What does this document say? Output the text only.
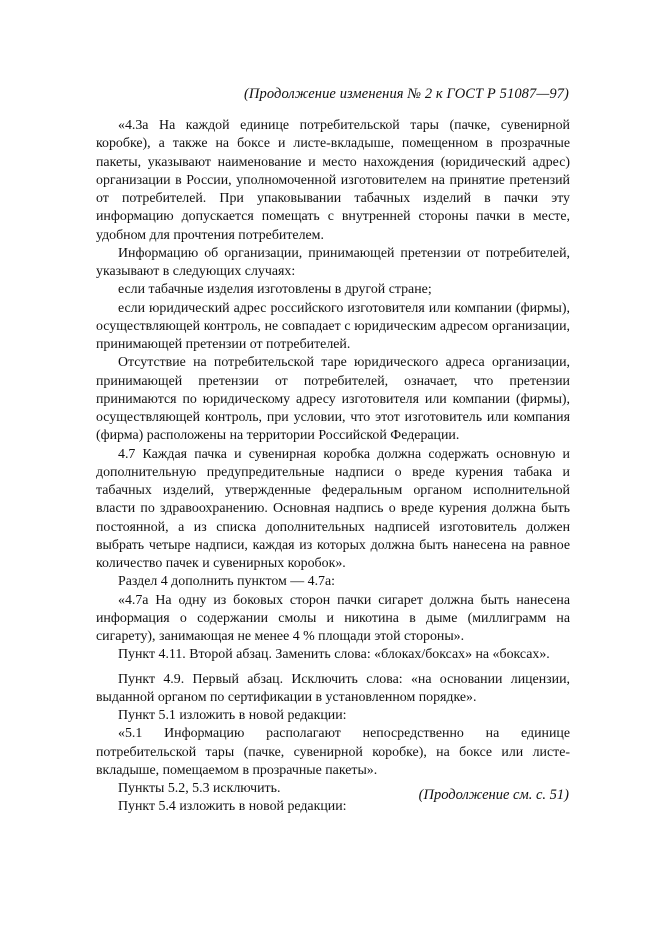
(Продолжение изменения № 2 к ГОСТ Р 51087—97)

«4.3а На каждой единице потребительской тары (пачке, сувенирной коробке), а также на боксе и листе-вкладыше, помещенном в прозрачные пакеты, указывают наименование и место нахождения (юридический адрес) организации в России, уполномоченной изготовителем на принятие претензий от потребителей. При упаковывании табачных изделий в пачки эту информацию допускается помещать с внутренней стороны пачки в месте, удобном для прочтения потребителем.

Информацию об организации, принимающей претензии от потребителей, указывают в следующих случаях:

если табачные изделия изготовлены в другой стране;

если юридический адрес российского изготовителя или компании (фирмы), осуществляющей контроль, не совпадает с юридическим адресом организации, принимающей претензии от потребителей.

Отсутствие на потребительской таре юридического адреса организации, принимающей претензии от потребителей, означает, что претензии принимаются по юридическому адресу изготовителя или компании (фирмы), осуществляющей контроль, при условии, что этот изготовитель или компания (фирма) расположены на территории Российской Федерации.

4.7 Каждая пачка и сувенирная коробка должна содержать основную и дополнительную предупредительные надписи о вреде курения табака и табачных изделий, утвержденные федеральным органом исполнительной власти по здравоохранению. Основная надпись о вреде курения должна быть постоянной, а из списка дополнительных надписей изготовитель должен выбрать четыре надписи, каждая из которых должна быть нанесена на равное количество пачек и сувенирных коробок».

Раздел 4 дополнить пунктом — 4.7а:

«4.7а На одну из боковых сторон пачки сигарет должна быть нанесена информация о содержании смолы и никотина в дыме (миллиграмм на сигарету), занимающая не менее 4 % площади этой стороны».

Пункт 4.11. Второй абзац. Заменить слова: «блоках/боксах» на «боксах».

Пункт 4.9. Первый абзац. Исключить слова: «на основании лицензии, выданной органом по сертификации в установленном порядке».

Пункт 5.1 изложить в новой редакции:

«5.1 Информацию располагают непосредственно на единице потребительской тары (пачке, сувенирной коробке), на боксе или листе-вкладыше, помещаемом в прозрачные пакеты».

Пункты 5.2, 5.3 исключить.

Пункт 5.4 изложить в новой редакции:

(Продолжение см. с. 51)
